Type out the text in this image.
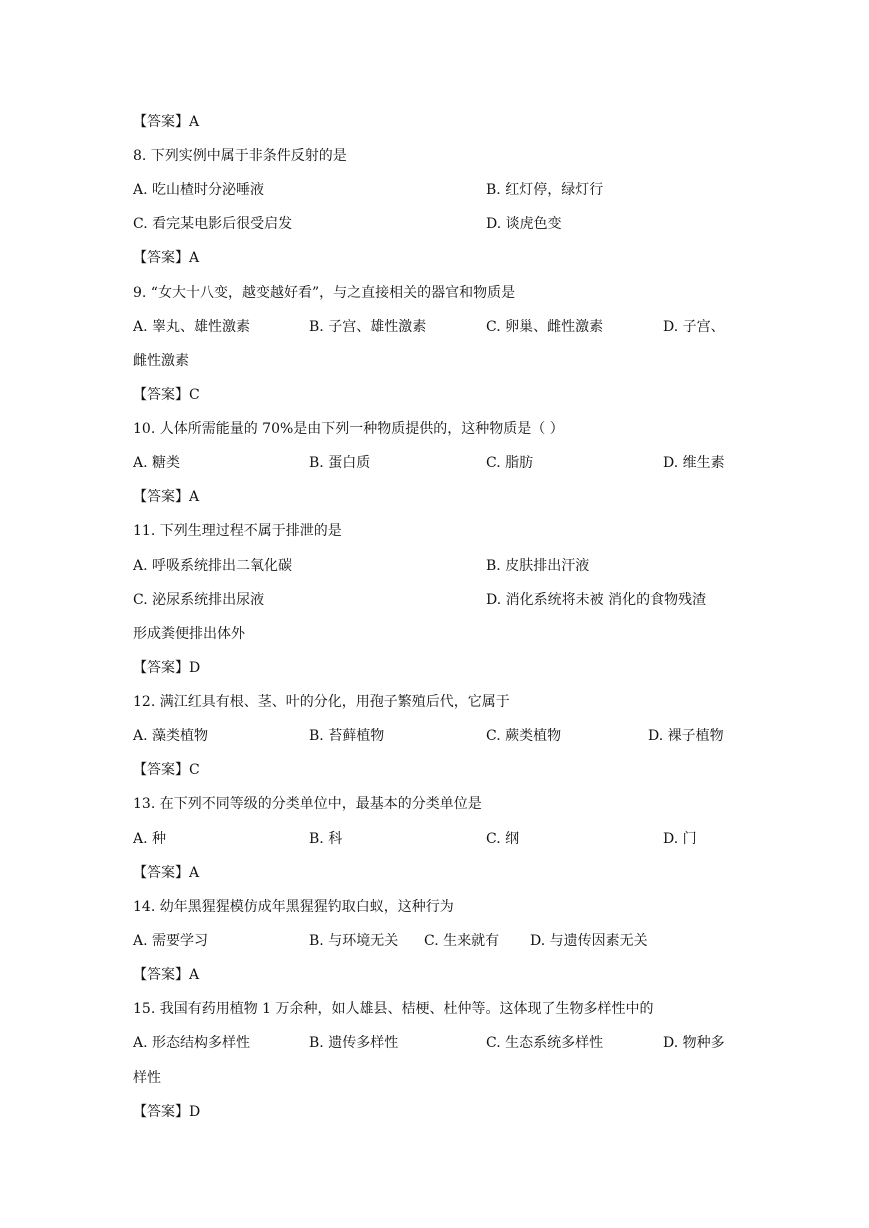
【答案】A
8. 下列实例中属于非条件反射的是
A. 吃山楂时分泌唾液	B. 红灯停，绿灯行
C. 看完某电影后很受启发	D. 谈虎色变
【答案】A
9. “女大十八变，越变越好看”，与之直接相关的器官和物质是
A. 睾丸、雄性激素	B. 子宫、雄性激素	C. 卵巢、雌性激素	D. 子宫、
雌性激素
【答案】C
10. 人体所需能量的 70%是由下列一种物质提供的，这种物质是（ ）
A. 糖类	B. 蛋白质	C. 脂肪	D. 维生素
【答案】A
11. 下列生理过程不属于排泄的是
A. 呼吸系统排出二氧化碳	B. 皮肤排出汗液
C. 泌尿系统排出尿液	D. 消化系统将未被 消化的食物残渣
形成粪便排出体外
【答案】D
12. 满江红具有根、茎、叶的分化，用孢子繁殖后代，它属于
A. 藻类植物	B. 苔藓植物	C. 蕨类植物	D. 裸子植物
【答案】C
13. 在下列不同等级的分类单位中，最基本的分类单位是
A. 种	B. 科	C. 纲	D. 门
【答案】A
14. 幼年黑猩猩模仿成年黑猩猩钓取白蚁，这种行为
A. 需要学习	B. 与环境无关 C. 生来就有 D. 与遗传因素无关
【答案】A
15. 我国有药用植物 1 万余种，如人雄县、桔梗、杜仲等。这体现了生物多样性中的
A. 形态结构多样性	B. 遗传多样性	C. 生态系统多样性	D. 物种多
样性
【答案】D
